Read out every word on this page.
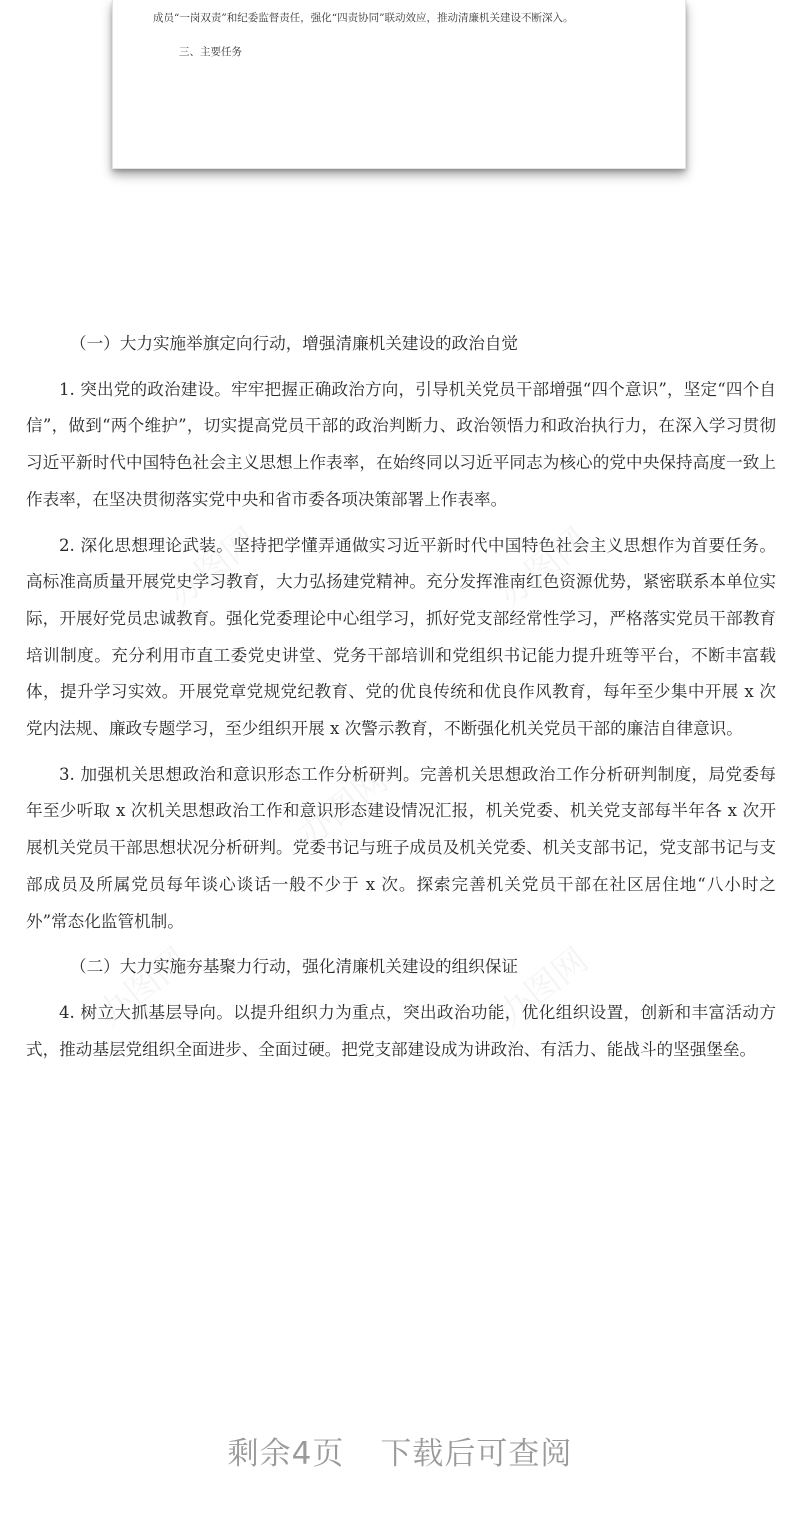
成员“一岗双责”和纪委监督责任，强化“四责协同”联动效应，推动清廉机关建设不断深入。
三、主要任务

（一）大力实施举旗定向行动，增强清廉机关建设的政治自觉

1. 突出党的政治建设。牢牢把握正确政治方向，引导机关党员干部增强“四个意识”，坚定“四个自信”，做到“两个维护”，切实提高党员干部的政治判断力、政治领悟力和政治执行力，在深入学习贯彻习近平新时代中国特色社会主义思想上作表率，在始终同以习近平同志为核心的党中央保持高度一致上作表率，在坚决贯彻落实党中央和省市委各项决策部署上作表率。

2. 深化思想理论武装。坚持把学懂弄通做实习近平新时代中国特色社会主义思想作为首要任务。高标准高质量开展党史学习教育，大力弘扬建党精神。充分发挥淮南红色资源优势，紧密联系本单位实际，开展好党员忠诚教育。强化党委理论中心组学习，抓好党支部经常性学习，严格落实党员干部教育培训制度。充分利用市直工委党史讲堂、党务干部培训和党组织书记能力提升班等平台，不断丰富载体，提升学习实效。开展党章党规党纪教育、党的优良传统和优良作风教育，每年至少集中开展 x 次党内法规、廉政专题学习，至少组织开展 x 次警示教育，不断强化机关党员干部的廉洁自律意识。

3. 加强机关思想政治和意识形态工作分析研判。完善机关思想政治工作分析研判制度，局党委每年至少听取 x 次机关思想政治工作和意识形态建设情况汇报，机关党委、机关党支部每半年各 x 次开展机关党员干部思想状况分析研判。党委书记与班子成员及机关党委、机关支部书记，党支部书记与支部成员及所属党员每年谈心谈话一般不少于 x 次。探索完善机关党员干部在社区居住地“八小时之外”常态化监管机制。

（二）大力实施夯基聚力行动，强化清廉机关建设的组织保证

4. 树立大抓基层导向。以提升组织力为重点，突出政治功能，优化组织设置，创新和丰富活动方式，推动基层党组织全面进步、全面过硬。把党支部建设成为讲政治、有活力、能战斗的坚强堡垒。

剩余4页 下载后可查阅
